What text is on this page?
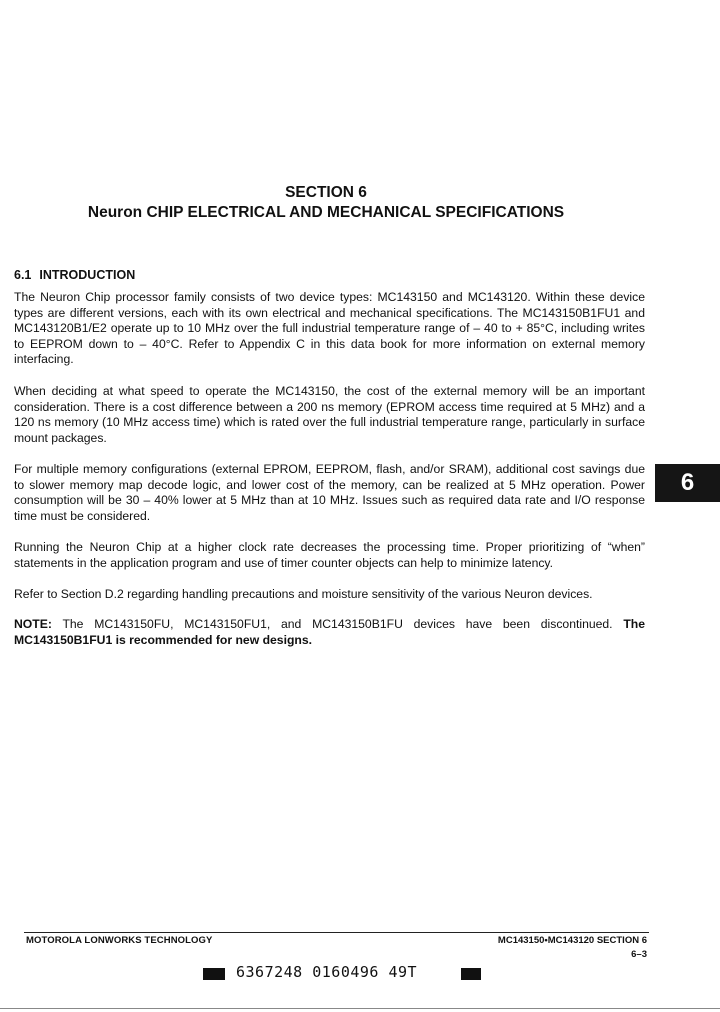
SECTION 6
Neuron CHIP ELECTRICAL AND MECHANICAL SPECIFICATIONS
6.1 INTRODUCTION

The Neuron Chip processor family consists of two device types: MC143150 and MC143120. Within these device types are different versions, each with its own electrical and mechanical specifications. The MC143150B1FU1 and MC143120B1/E2 operate up to 10 MHz over the full industrial temperature range of – 40 to + 85°C, including writes to EEPROM down to – 40°C. Refer to Appendix C in this data book for more information on external memory interfacing.

When deciding at what speed to operate the MC143150, the cost of the external memory will be an important consideration. There is a cost difference between a 200 ns memory (EPROM access time required at 5 MHz) and a 120 ns memory (10 MHz access time) which is rated over the full industrial temperature range, particularly in surface mount packages.

For multiple memory configurations (external EPROM, EEPROM, flash, and/or SRAM), additional cost savings due to slower memory map decode logic, and lower cost of the memory, can be realized at 5 MHz operation. Power consumption will be 30 – 40% lower at 5 MHz than at 10 MHz. Issues such as required data rate and I/O response time must be considered.

Running the Neuron Chip at a higher clock rate decreases the processing time. Proper prioritizing of “when” statements in the application program and use of timer counter objects can help to minimize latency.

Refer to Section D.2 regarding handling precautions and moisture sensitivity of the various Neuron devices.

NOTE: The MC143150FU, MC143150FU1, and MC143150B1FU devices have been discontinued. The MC143150B1FU1 is recommended for new designs.

6
MOTOROLA LONWORKS TECHNOLOGY	MC143150•MC143120 SECTION 6
6–3
6367248 0160496 49T
